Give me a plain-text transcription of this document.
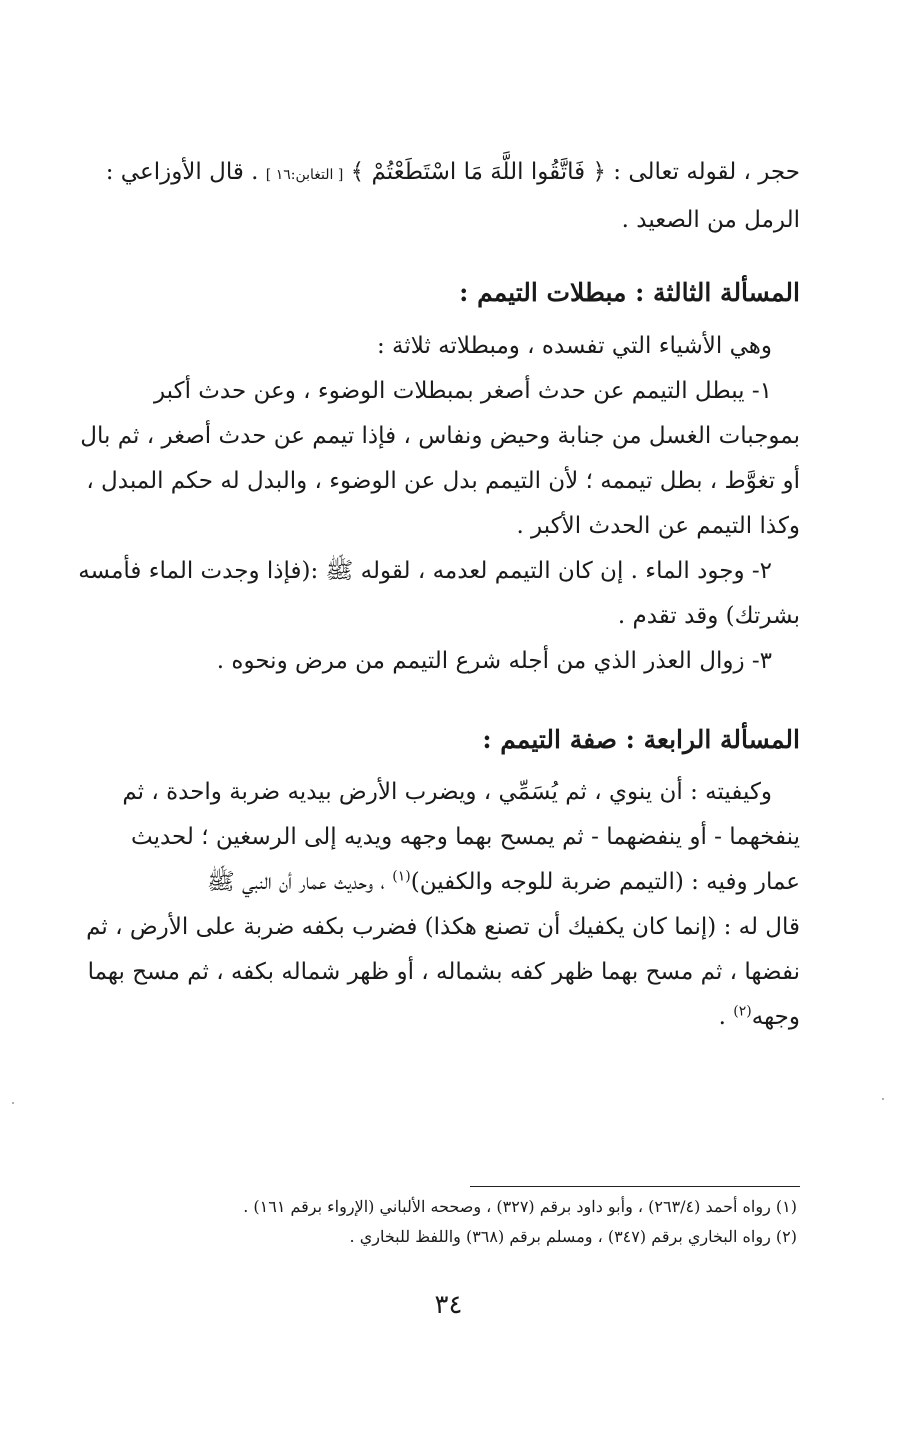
حجر ، لقوله تعالى : ﴿ فَاتَّقُوا اللَّهَ مَا اسْتَطَعْتُمْ ﴾ [ التغابن:١٦ ] . قال الأوزاعي :

الرمل من الصعيد .

المسألة الثالثة : مبطلات التيمم :

وهي الأشياء التي تفسده ، ومبطلاته ثلاثة :

١- يبطل التيمم عن حدث أصغر بمبطلات الوضوء ، وعن حدث أكبر

بموجبات الغسل من جنابة وحيض ونفاس ، فإذا تيمم عن حدث أصغر ، ثم بال

أو تغوَّط ، بطل تيممه ؛ لأن التيمم بدل عن الوضوء ، والبدل له حكم المبدل ،

وكذا التيمم عن الحدث الأكبر .

٢- وجود الماء . إن كان التيمم لعدمه ، لقوله ﷺ :(فإذا وجدت الماء فأمسه

بشرتك) وقد تقدم .

٣- زوال العذر الذي من أجله شرع التيمم من مرض ونحوه .

المسألة الرابعة : صفة التيمم :

وكيفيته : أن ينوي ، ثم يُسَمِّي ، ويضرب الأرض بيديه ضربة واحدة ، ثم

ينفخهما - أو ينفضهما - ثم يمسح بهما وجهه ويديه إلى الرسغين ؛ لحديث

عمار وفيه : (التيمم ضربة للوجه والكفين)$^{(١)}$ ، وحديث عمار أن النبي ﷺ

قال له : (إنما كان يكفيك أن تصنع هكذا) فضرب بكفه ضربة على الأرض ، ثم

نفضها ، ثم مسح بهما ظهر كفه بشماله ، أو ظهر شماله بكفه ، ثم مسح بهما

وجهه$^{(٢)}$ .

(١) رواه أحمد (٢٦٣/٤) ، وأبو داود برقم (٣٢٧) ، وصححه الألباني (الإرواء برقم ١٦١) .

(٢) رواه البخاري برقم (٣٤٧) ، ومسلم برقم (٣٦٨) واللفظ للبخاري .

٣٤
